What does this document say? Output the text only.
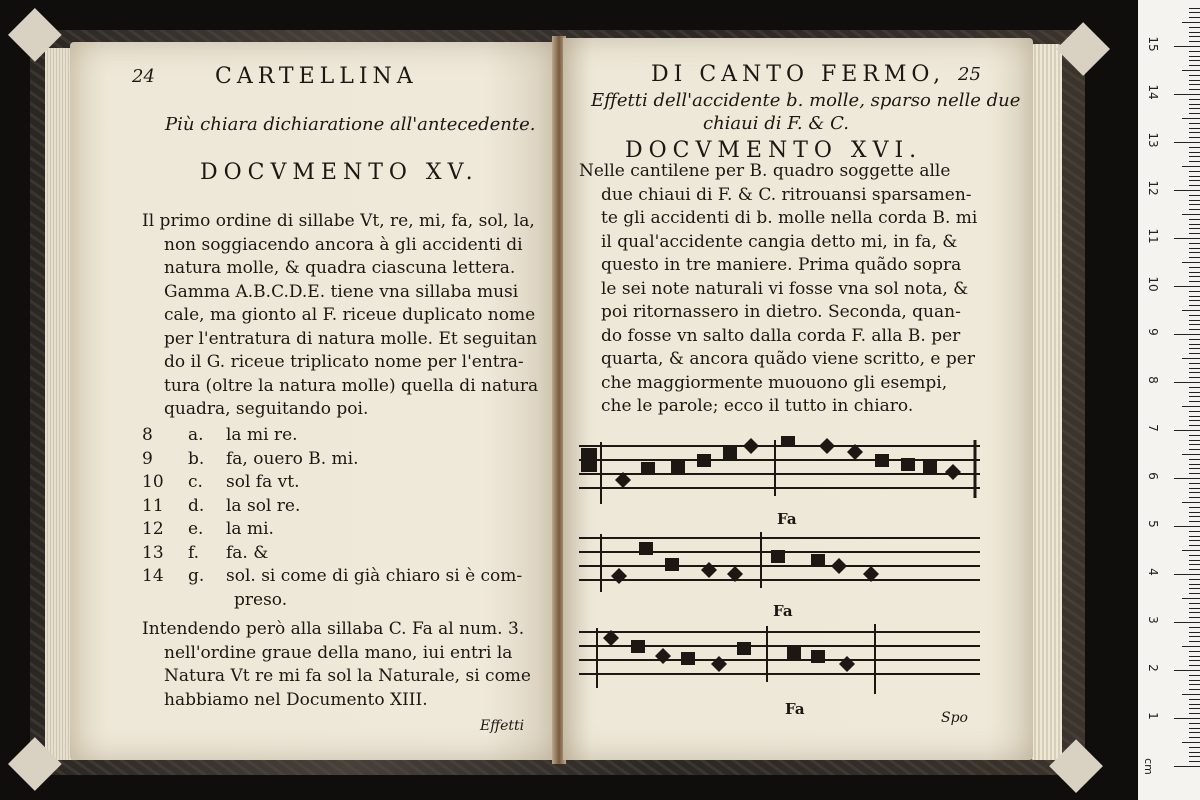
24	CARTELLINA
Più chiara dichiaratione all'antecedente.
DOCVMENTO XV.
Il primo ordine di sillabe Vt, re, mi, fa, sol, la,
non soggiacendo ancora à gli accidenti di
natura molle, & quadra ciascuna lettera.
Gamma A.B.C.D.E. tiene vna sillaba musi
cale, ma gionto al F. riceue duplicato nome
per l'entratura di natura molle. Et seguitan
do il G. riceue triplicato nome per l'entra-
tura (oltre la natura molle) quella di natura
quadra, seguitando poi.
8 a. la mi re.
9 b. fa, ouero B. mi.
10 c. sol fa vt.
11 d. la sol re.
12 e. la mi.
13 f. fa. &
14 g. sol. si come di già chiaro si è com-
preso.
Intendendo però alla sillaba C. Fa al num. 3.
nell'ordine graue della mano, iui entri la
Natura Vt re mi fa sol la Naturale, si come
habbiamo nel Documento XIII.
Effetti
DI CANTO FERMO, 25
Effetti dell'accidente b. molle, sparso nelle due
chiaui di F. & C.
DOCVMENTO XVI.
Nelle cantilene per B. quadro soggette alle
due chiaui di F. & C. ritrouansi sparsamen-
te gli accidenti di b. molle nella corda B. mi
il qual'accidente cangia detto mi, in fa, &
questo in tre maniere. Prima quãdo sopra
le sei note naturali vi fosse vna sol nota, &
poi ritornassero in dietro. Seconda, quan-
do fosse vn salto dalla corda F. alla B. per
quarta, & ancora quãdo viene scritto, e per
che maggiormente muouono gli esempi,
che le parole; ecco il tutto in chiaro.
Fa
Fa
Fa	Spo
cm
1
2
3
4
5
6
7
8
9
10
11
12
13
14
15
